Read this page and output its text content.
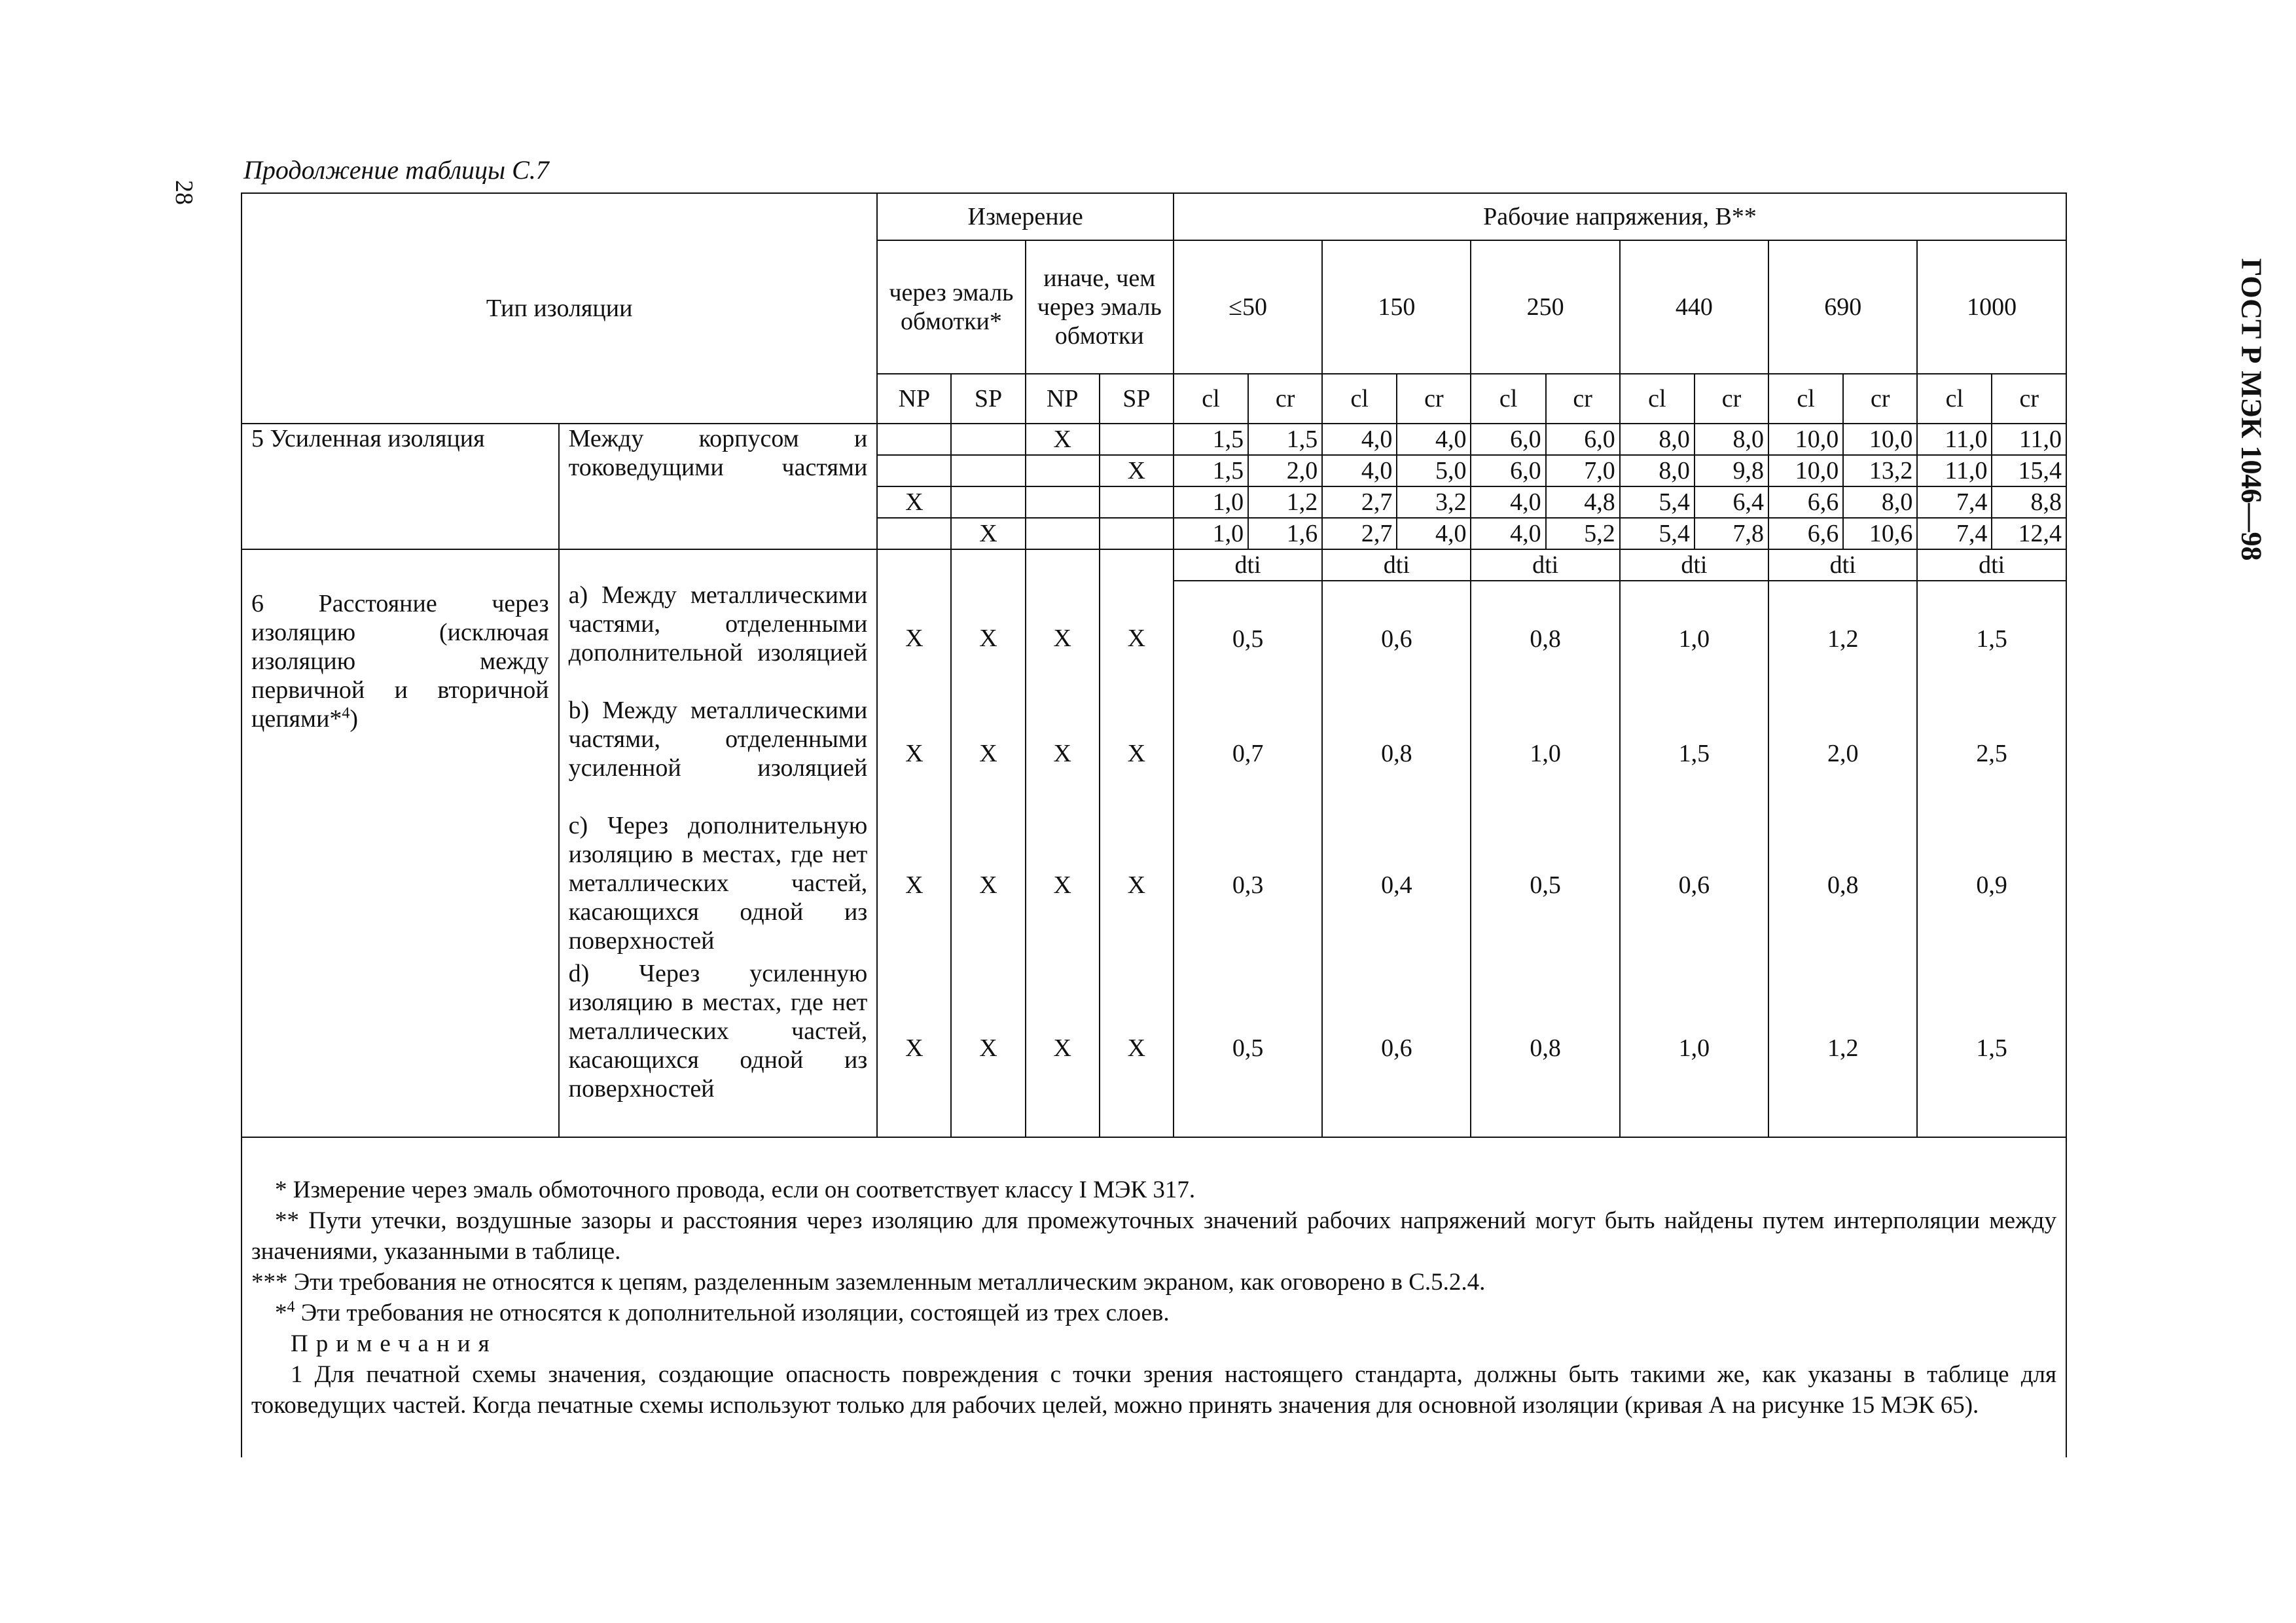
28
Продолжение таблицы С.7
ГОСТ Р МЭК 1046—98
Тип изоляции		Измерение				Рабочие напряжения, В**											
		через эмаль обмотки*		иначе, чем через эмаль обмотки		≤50		150		250		440		690		1000	
		NP	SP	NP	SP	cl	cr	cl	cr	cl	cr	cl	cr	cl	cr	cl	cr
5 Усиленная изоляция	Между корпусом и токоведущими частями			X		1,5	1,5	4,0	4,0	6,0	6,0	8,0	8,0	10,0	10,0	11,0	11,0
					X	1,5	2,0	4,0	5,0	6,0	7,0	8,0	9,8	10,0	13,2	11,0	15,4
		X				1,0	1,2	2,7	3,2	4,0	4,8	5,4	6,4	6,6	8,0	7,4	8,8
			X			1,0	1,6	2,7	4,0	4,0	5,2	5,4	7,8	6,6	10,6	7,4	12,4
6 Расстояние через изоляцию (исключая изоляцию между первичной и вторичной цепями*$^4$)						dti		dti		dti		dti		dti		dti	
	a) Между металлическими частями, отделенными дополнительной изоляцией	X	X	X	X	0,5		0,6		0,8		1,0		1,2		1,5	
	b) Между металлическими частями, отделенными усиленной изоляцией	X	X	X	X	0,7		0,8		1,0		1,5		2,0		2,5	
	c) Через дополнительную изоляцию в местах, где нет металлических частей, касающихся одной из поверхностей	X	X	X	X	0,3		0,4		0,5		0,6		0,8		0,9	
	d) Через усиленную изоляцию в местах, где нет металлических частей, касающихся одной из поверхностей	X	X	X	X	0,5		0,6		0,8		1,0		1,2		1,5	

* Измерение через эмаль обмоточного провода, если он соответствует классу I МЭК 317.

** Пути утечки, воздушные зазоры и расстояния через изоляцию для промежуточных значений рабочих напряжений могут быть найдены путем интерполяции между значениями, указанными в таблице.

*** Эти требования не относятся к цепям, разделенным заземленным металлическим экраном, как оговорено в С.5.2.4.

*$^4$ Эти требования не относятся к дополнительной изоляции, состоящей из трех слоев.

Примечания

1 Для печатной схемы значения, создающие опасность повреждения с точки зрения настоящего стандарта, должны быть такими же, как указаны в таблице для токоведущих частей. Когда печатные схемы используют только для рабочих целей, можно принять значения для основной изоляции (кривая А на рисунке 15 МЭК 65).
